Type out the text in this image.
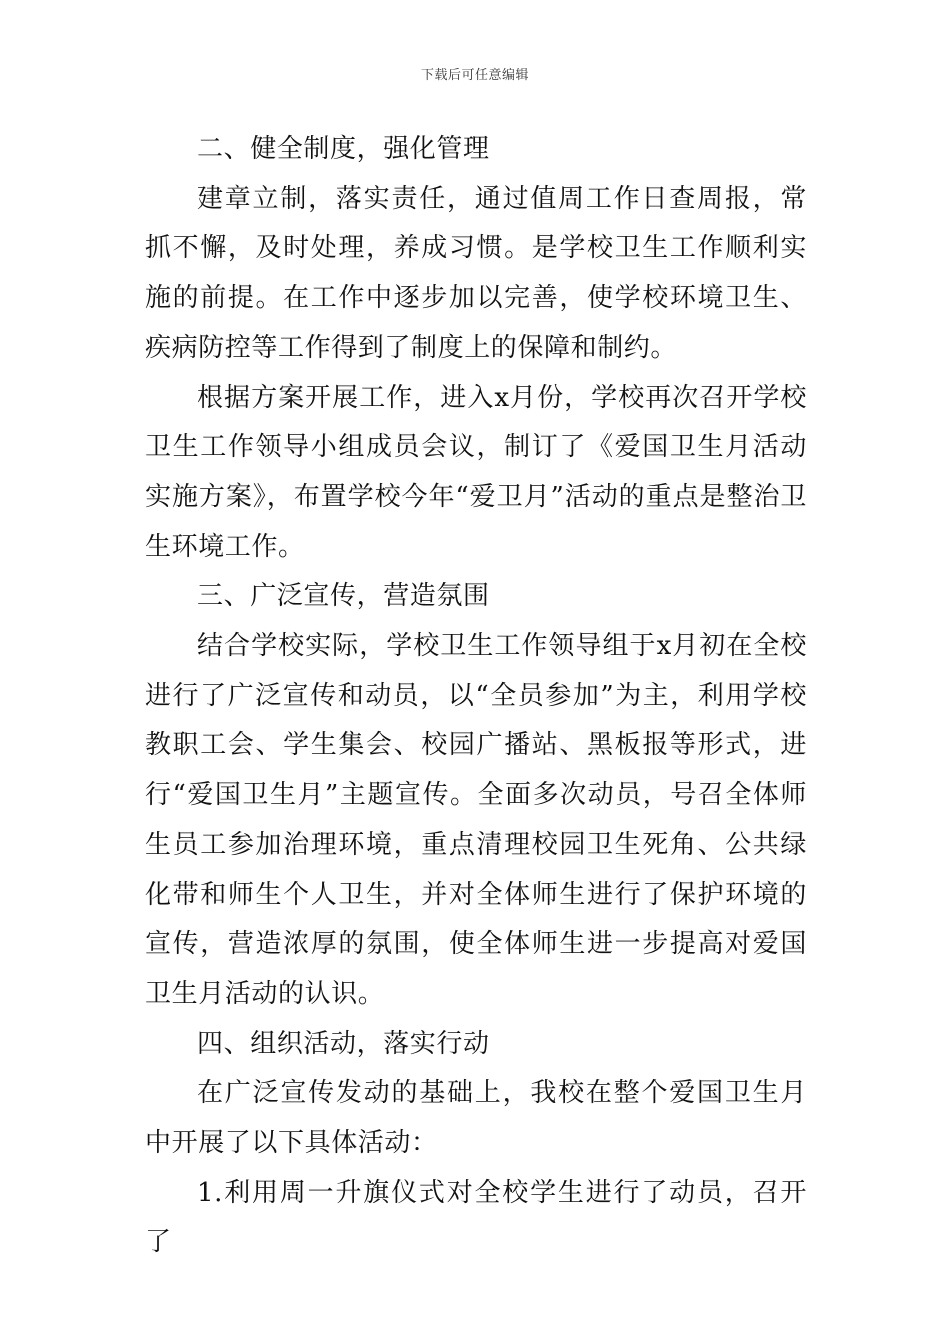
下载后可任意编辑

二、健全制度，强化管理

建章立制，落实责任，通过值周工作日查周报，常抓不懈，及时处理，养成习惯。是学校卫生工作顺利实施的前提。在工作中逐步加以完善，使学校环境卫生、疾病防控等工作得到了制度上的保障和制约。

根据方案开展工作，进入x月份，学校再次召开学校卫生工作领导小组成员会议，制订了《爱国卫生月活动实施方案》，布置学校今年“爱卫月”活动的重点是整治卫生环境工作。

三、广泛宣传，营造氛围

结合学校实际，学校卫生工作领导组于x月初在全校进行了广泛宣传和动员，以“全员参加”为主，利用学校教职工会、学生集会、校园广播站、黑板报等形式，进行“爱国卫生月”主题宣传。全面多次动员，号召全体师生员工参加治理环境，重点清理校园卫生死角、公共绿化带和师生个人卫生，并对全体师生进行了保护环境的宣传，营造浓厚的氛围，使全体师生进一步提高对爱国卫生月活动的认识。

四、组织活动，落实行动

在广泛宣传发动的基础上，我校在整个爱国卫生月中开展了以下具体活动：

1.利用周一升旗仪式对全校学生进行了动员，召开了
